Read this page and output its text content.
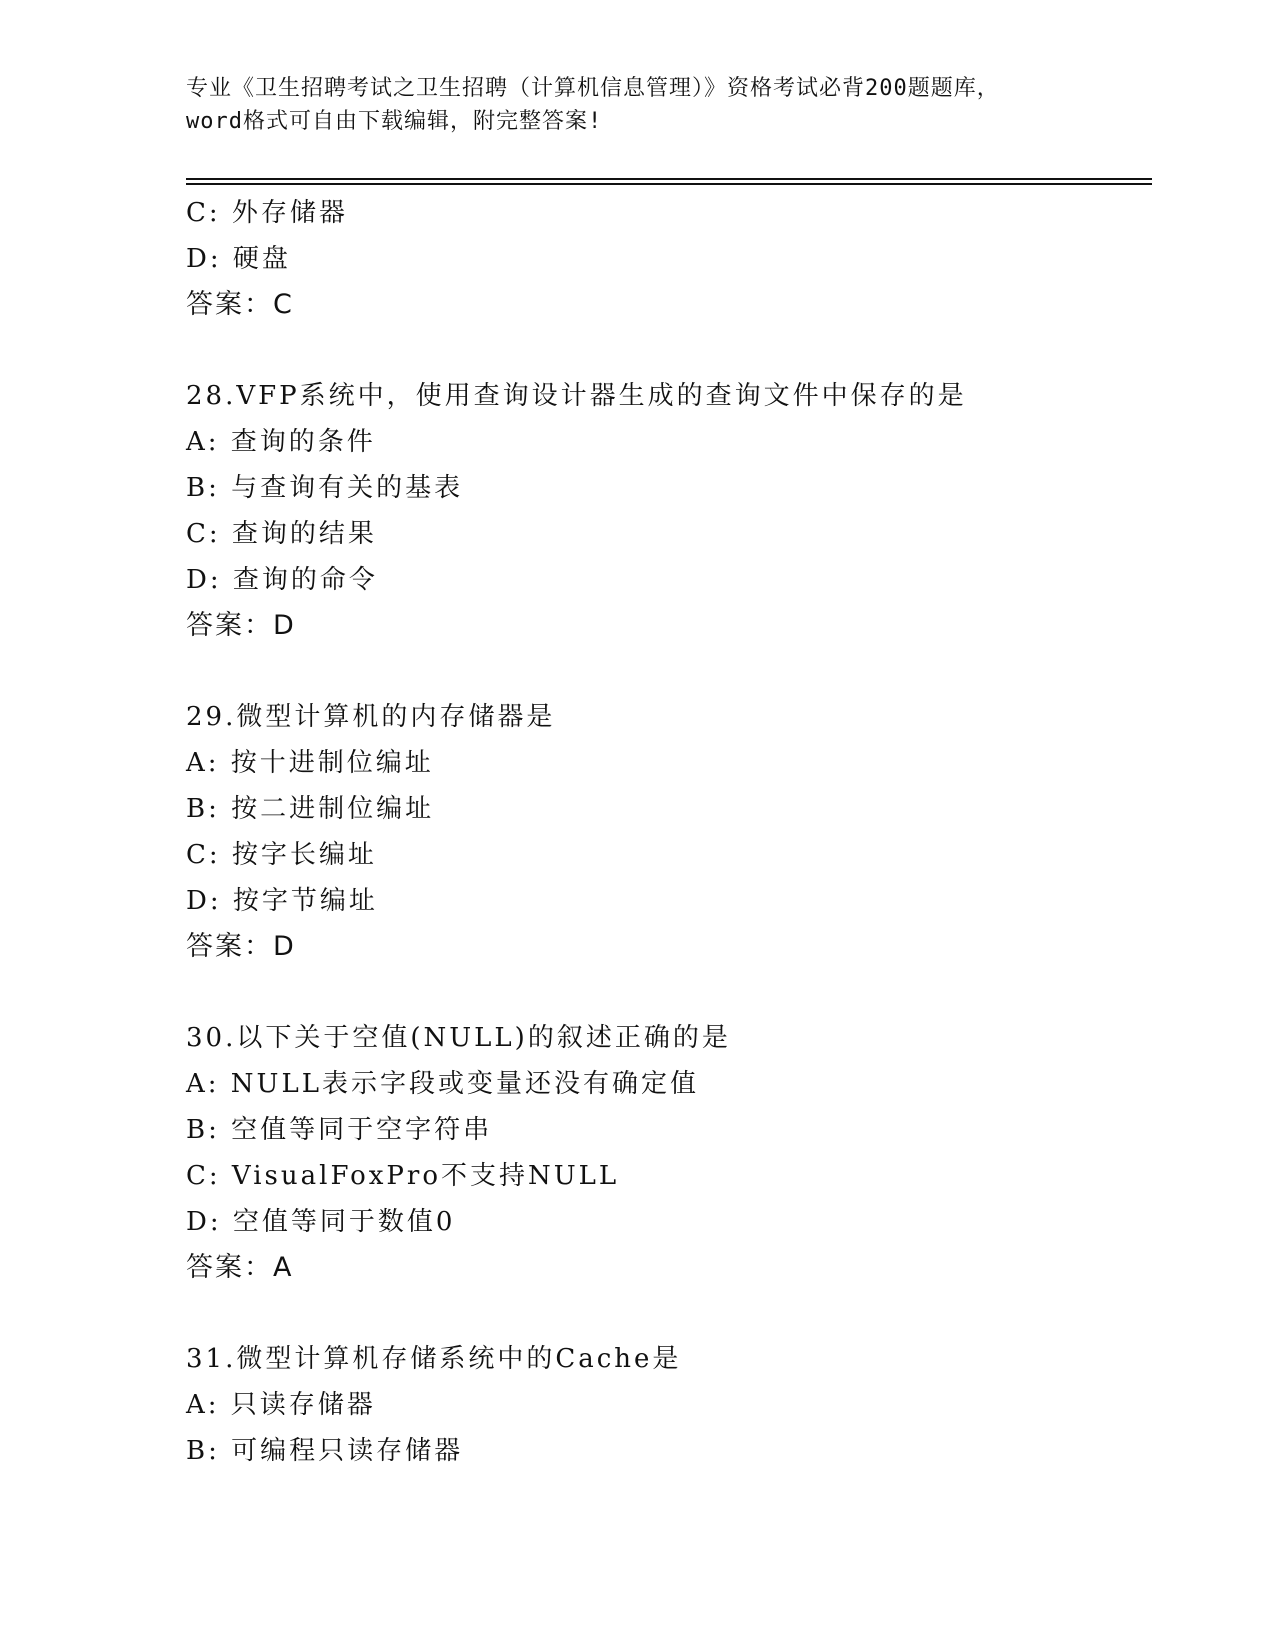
专业《卫生招聘考试之卫生招聘（计算机信息管理）》资格考试必背200题题库，
word格式可自由下载编辑，附完整答案!
C: 外存储器
D: 硬盘
答案：C
28.VFP系统中，使用查询设计器生成的查询文件中保存的是
A: 查询的条件
B: 与查询有关的基表
C: 查询的结果
D: 查询的命令
答案：D
29.微型计算机的内存储器是
A: 按十进制位编址
B: 按二进制位编址
C: 按字长编址
D: 按字节编址
答案：D
30.以下关于空值(NULL)的叙述正确的是
A: NULL表示字段或变量还没有确定值
B: 空值等同于空字符串
C: VisualFoxPro不支持NULL
D: 空值等同于数值0
答案：A
31.微型计算机存储系统中的Cache是
A: 只读存储器
B: 可编程只读存储器
